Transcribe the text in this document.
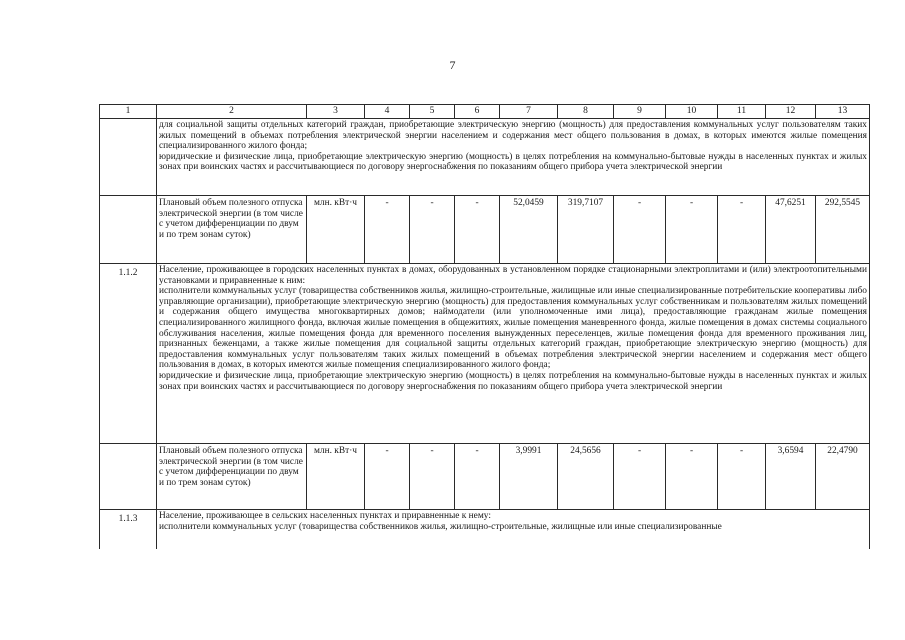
7
1	2	3	4	5	6	7	8	9	10	11	12	13

	для социальной защиты отдельных категорий граждан, приобретающие электрическую энергию (мощность) для предоставления коммунальных услуг пользователям таких жилых помещений в объемах потребления электрической энергии населением и содержания мест общего пользования в домах, в которых имеются жилые помещения специализированного жилого фонда;
юридические и физические лица, приобретающие электрическую энергию (мощность) в целях потребления на коммунально-бытовые нужды в населенных пунктах и жилых зонах при воинских частях и рассчитывающиеся по договору энергоснабжения по показаниям общего прибора учета электрической энергии											

	Плановый объем полезного отпуска электрической энергии (в том числе с учетом дифференциации по двум и по трем зонам суток)	млн. кВт·ч	-	-	-	52,0459	319,7107	-	-	-	47,6251	292,5545
1.1.2	Население, проживающее в городских населенных пунктах в домах, оборудованных в установленном порядке стационарными электроплитами и (или) электроотопительными установками и приравненные к ним:
исполнители коммунальных услуг (товарищества собственников жилья, жилищно-строительные, жилищные или иные специализированные потребительские кооперативы либо управляющие организации), приобретающие электрическую энергию (мощность) для предоставления коммунальных услуг собственникам и пользователям жилых помещений и содержания общего имущества многоквартирных домов; наймодатели (или уполномоченные ими лица), предоставляющие гражданам жилые помещения специализированного жилищного фонда, включая жилые помещения в общежитиях, жилые помещения маневренного фонда, жилые помещения в домах системы социального обслуживания населения, жилые помещения фонда для временного поселения вынужденных переселенцев, жилые помещения фонда для временного проживания лиц, признанных беженцами, а также жилые помещения для социальной защиты отдельных категорий граждан, приобретающие электрическую энергию (мощность) для предоставления коммунальных услуг пользователям таких жилых помещений в объемах потребления электрической энергии населением и содержания мест общего пользования в домах, в которых имеются жилые помещения специализированного жилого фонда;
юридические и физические лица, приобретающие электрическую энергию (мощность) в целях потребления на коммунально-бытовые нужды в населенных пунктах и жилых зонах при воинских частях и рассчитывающиеся по договору энергоснабжения по показаниям общего прибора учета электрической энергии											

	Плановый объем полезного отпуска электрической энергии (в том числе с учетом дифференциации по двум и по трем зонам суток)	млн. кВт·ч	-	-	-	3,9991	24,5656	-	-	-	3,6594	22,4790
1.1.3	Население, проживающее в сельских населенных пунктах и приравненные к нему:
исполнители коммунальных услуг (товарищества собственников жилья, жилищно-строительные, жилищные или иные специализированные											
